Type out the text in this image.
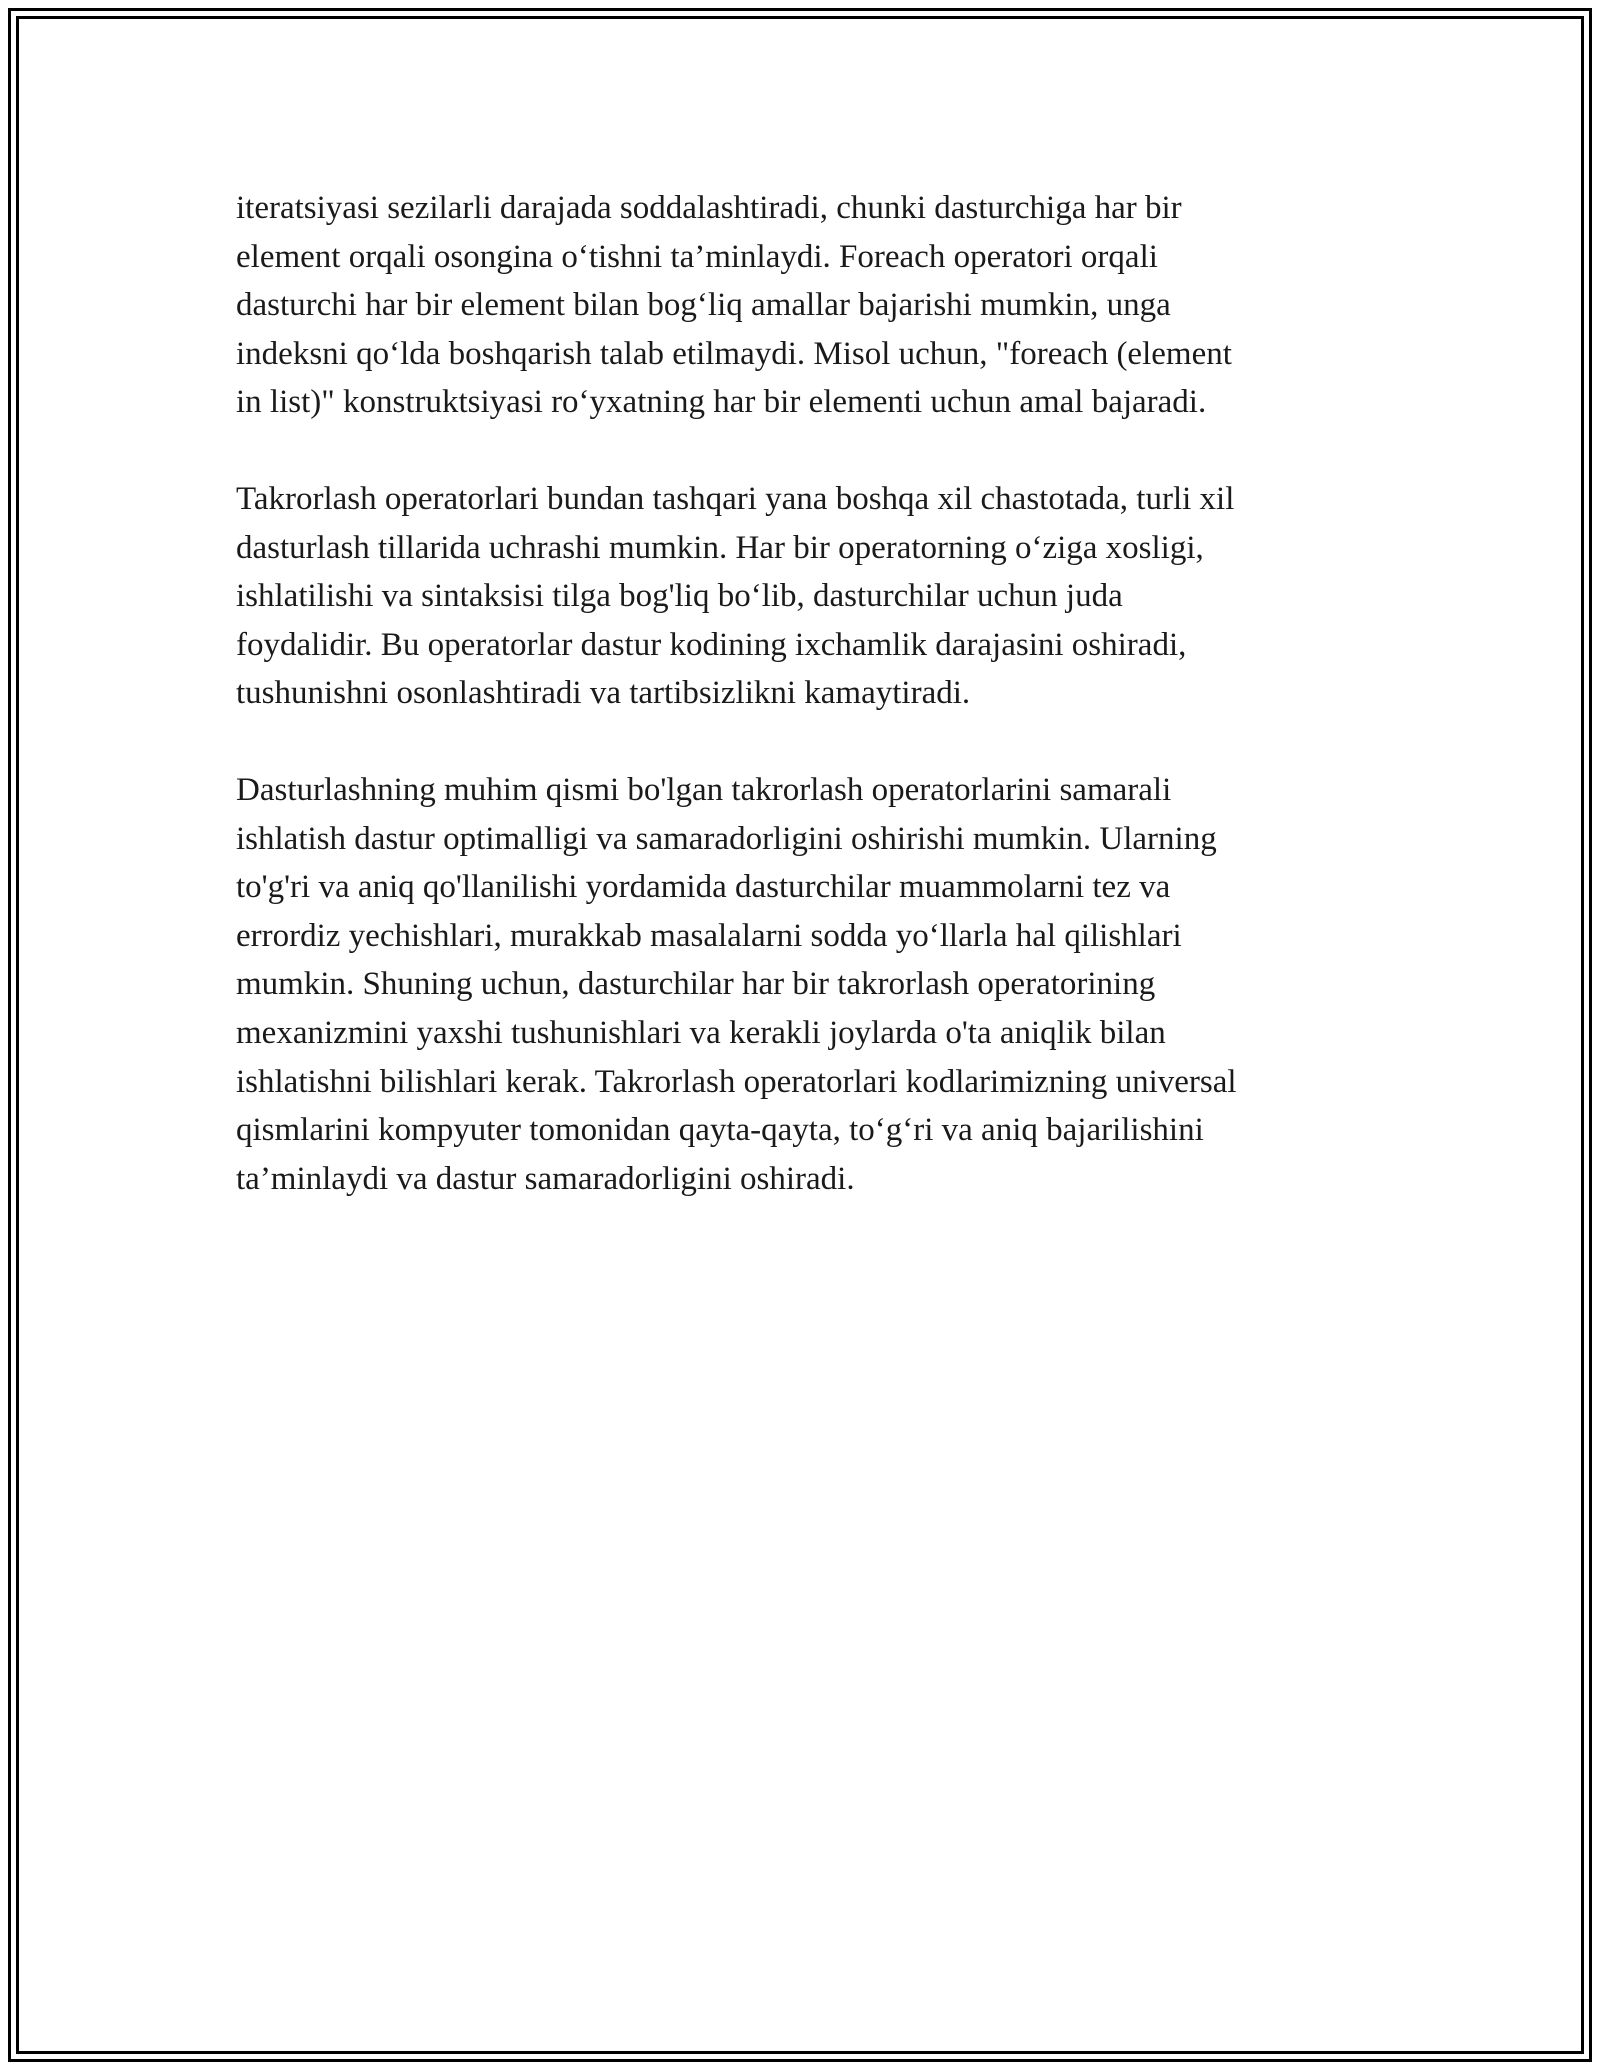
iteratsiyasi sezilarli darajada soddalashtiradi, chunki dasturchiga har bir
element orqali osongina o‘tishni ta’minlaydi. Foreach operatori orqali
dasturchi har bir element bilan bog‘liq amallar bajarishi mumkin, unga
indeksni qo‘lda boshqarish talab etilmaydi. Misol uchun, "foreach (element
in list)" konstruktsiyasi ro‘yxatning har bir elementi uchun amal bajaradi.

Takrorlash operatorlari bundan tashqari yana boshqa xil chastotada, turli xil
dasturlash tillarida uchrashi mumkin. Har bir operatorning o‘ziga xosligi,
ishlatilishi va sintaksisi tilga bog'liq bo‘lib, dasturchilar uchun juda
foydalidir. Bu operatorlar dastur kodining ixchamlik darajasini oshiradi,
tushunishni osonlashtiradi va tartibsizlikni kamaytiradi.

Dasturlashning muhim qismi bo'lgan takrorlash operatorlarini samarali
ishlatish dastur optimalligi va samaradorligini oshirishi mumkin. Ularning
to'g'ri va aniq qo'llanilishi yordamida dasturchilar muammolarni tez va
errordiz yechishlari, murakkab masalalarni sodda yo‘llarla hal qilishlari
mumkin. Shuning uchun, dasturchilar har bir takrorlash operatorining
mexanizmini yaxshi tushunishlari va kerakli joylarda o'ta aniqlik bilan
ishlatishni bilishlari kerak. Takrorlash operatorlari kodlarimizning universal
qismlarini kompyuter tomonidan qayta-qayta, to‘g‘ri va aniq bajarilishini
ta’minlaydi va dastur samaradorligini oshiradi.
